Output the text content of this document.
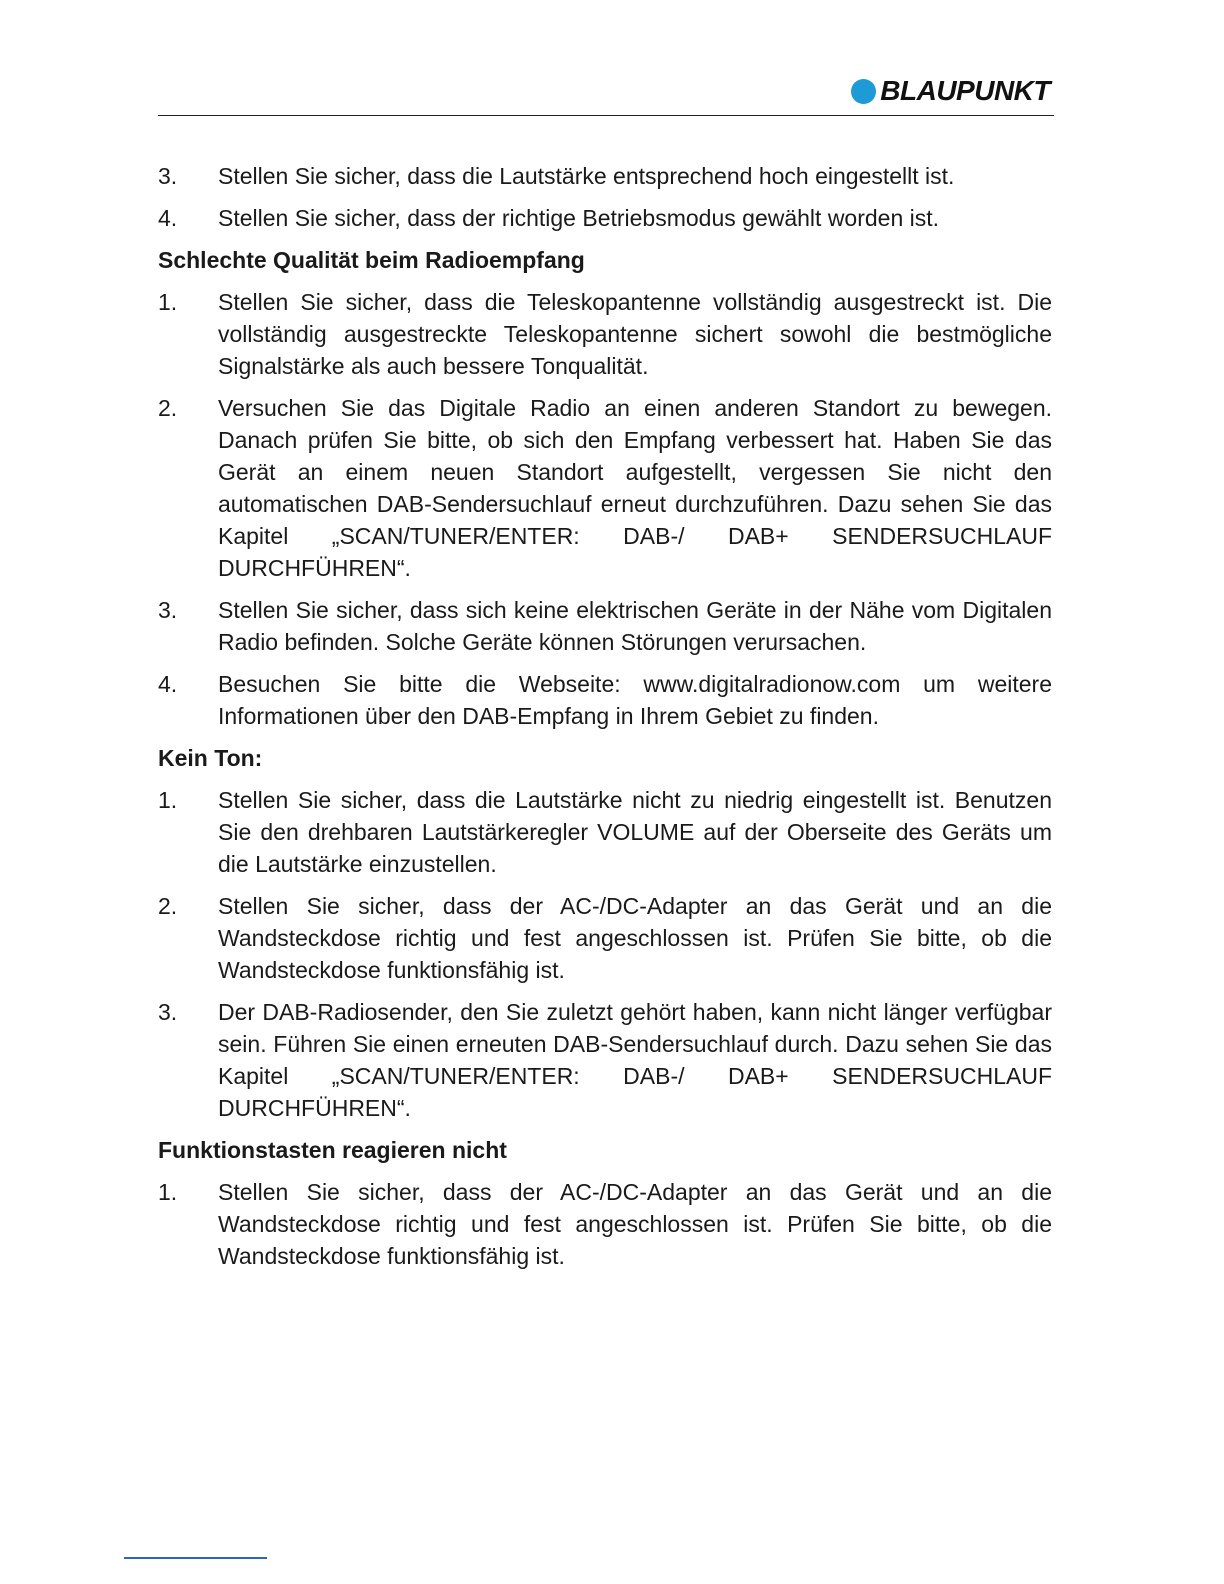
BLAUPUNKT
3.	Stellen Sie sicher, dass die Lautstärke entsprechend hoch eingestellt ist.
4.	Stellen Sie sicher, dass der richtige Betriebsmodus gewählt worden ist.
Schlechte Qualität beim Radioempfang
1.	Stellen Sie sicher, dass die Teleskopantenne vollständig ausgestreckt ist. Die vollständig ausgestreckte Teleskopantenne sichert sowohl die bestmögliche Signalstärke als auch bessere Tonqualität.
2.	Versuchen Sie das Digitale Radio an einen anderen Standort zu bewegen. Danach prüfen Sie bitte, ob sich den Empfang verbessert hat. Haben Sie das Gerät an einem neuen Standort aufgestellt, vergessen Sie nicht den automatischen DAB-Sendersuchlauf erneut durchzuführen. Dazu sehen Sie das Kapitel „SCAN/TUNER/ENTER: DAB-/ DAB+ SENDERSUCHLAUF DURCHFÜHREN“.
3.	Stellen Sie sicher, dass sich keine elektrischen Geräte in der Nähe vom Digitalen Radio befinden. Solche Geräte können Störungen verursachen.
4.	Besuchen Sie bitte die Webseite: www.digitalradionow.com um weitere Informationen über den DAB-Empfang in Ihrem Gebiet zu finden.
Kein Ton:
1.	Stellen Sie sicher, dass die Lautstärke nicht zu niedrig eingestellt ist. Benutzen Sie den drehbaren Lautstärkeregler VOLUME auf der Oberseite des Geräts um die Lautstärke einzustellen.
2.	Stellen Sie sicher, dass der AC-/DC-Adapter an das Gerät und an die Wandsteckdose richtig und fest angeschlossen ist. Prüfen Sie bitte, ob die Wandsteckdose funktionsfähig ist.
3.	Der DAB-Radiosender, den Sie zuletzt gehört haben, kann nicht länger verfügbar sein. Führen Sie einen erneuten DAB-Sendersuchlauf durch. Dazu sehen Sie das Kapitel „SCAN/TUNER/ENTER: DAB-/ DAB+ SENDERSUCHLAUF DURCHFÜHREN“.
Funktionstasten reagieren nicht
1.	Stellen Sie sicher, dass der AC-/DC-Adapter an das Gerät und an die Wandsteckdose richtig und fest angeschlossen ist. Prüfen Sie bitte, ob die Wandsteckdose funktionsfähig ist.
